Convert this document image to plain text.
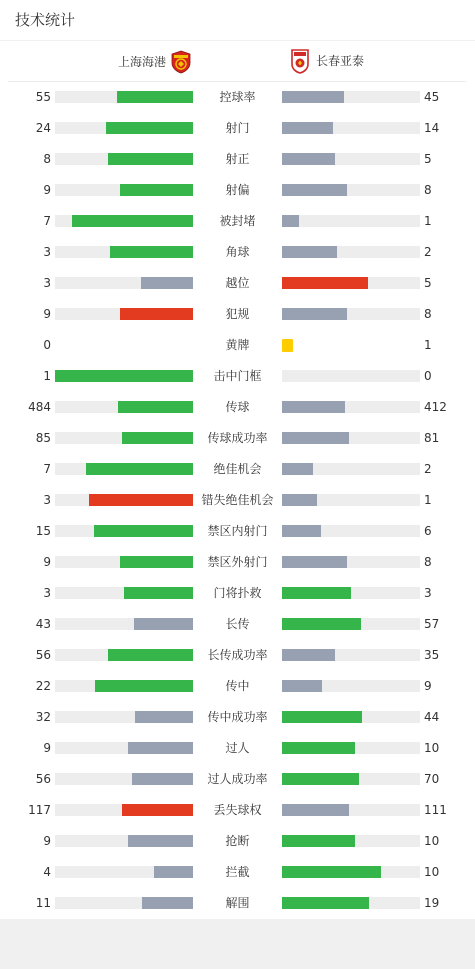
技术统计
上海海港	长春亚泰
55	控球率	45
24	射门	14
8	射正	5
9	射偏	8
7	被封堵	1
3	角球	2
3	越位	5
9	犯规	8
0	黄牌	1
1	击中门框	0
484	传球	412
85	传球成功率	81
7	绝佳机会	2
3	错失绝佳机会	1
15	禁区内射门	6
9	禁区外射门	8
3	门将扑救	3
43	长传	57
56	长传成功率	35
22	传中	9
32	传中成功率	44
9	过人	10
56	过人成功率	70
117	丢失球权	111
9	抢断	10
4	拦截	10
11	解围	19
